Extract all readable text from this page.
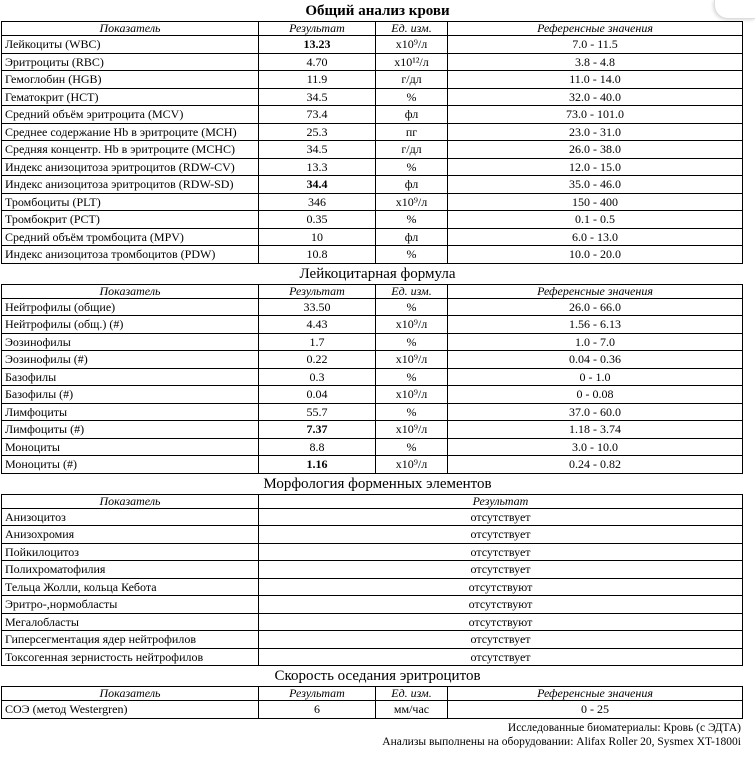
Общий анализ крови
Показатель	Результат	Ед. изм.	Референсные значения
Лейкоциты (WBC)	13.23	x10⁹/л	7.0 - 11.5
Эритроциты (RBC)	4.70	x10¹²/л	3.8 - 4.8
Гемоглобин (HGB)	11.9	г/дл	11.0 - 14.0
Гематокрит (HCT)	34.5	%	32.0 - 40.0
Средний объём эритроцита (MCV)	73.4	фл	73.0 - 101.0
Среднее содержание Hb в эритроците (MCH)	25.3	пг	23.0 - 31.0
Средняя концентр. Hb в эритроците (MCHC)	34.5	г/дл	26.0 - 38.0
Индекс анизоцитоза эритроцитов (RDW-CV)	13.3	%	12.0 - 15.0
Индекс анизоцитоза эритроцитов (RDW-SD)	34.4	фл	35.0 - 46.0
Тромбоциты (PLT)	346	x10⁹/л	150 - 400
Тромбокрит (PCT)	0.35	%	0.1 - 0.5
Средний объём тромбоцита (MPV)	10	фл	6.0 - 13.0
Индекс анизоцитоза тромбоцитов (PDW)	10.8	%	10.0 - 20.0
Лейкоцитарная формула
Показатель	Результат	Ед. изм.	Референсные значения
Нейтрофилы (общие)	33.50	%	26.0 - 66.0
Нейтрофилы (общ.) (#)	4.43	x10⁹/л	1.56 - 6.13
Эозинофилы	1.7	%	1.0 - 7.0
Эозинофилы (#)	0.22	x10⁹/л	0.04 - 0.36
Базофилы	0.3	%	0 - 1.0
Базофилы (#)	0.04	x10⁹/л	0 - 0.08
Лимфоциты	55.7	%	37.0 - 60.0
Лимфоциты (#)	7.37	x10⁹/л	1.18 - 3.74
Моноциты	8.8	%	3.0 - 10.0
Моноциты (#)	1.16	x10⁹/л	0.24 - 0.82
Морфология форменных элементов
Показатель	Результат
Анизоцитоз	отсутствует
Анизохромия	отсутствует
Пойкилоцитоз	отсутствует
Полихроматофилия	отсутствует
Тельца Жолли, кольца Кебота	отсутствуют
Эритро-,нормобласты	отсутствуют
Мегалобласты	отсутствуют
Гиперсегментация ядер нейтрофилов	отсутствует
Токсогенная зернистость нейтрофилов	отсутствует
Скорость оседания эритроцитов
Показатель	Результат	Ед. изм.	Референсные значения
СОЭ (метод Westergren)	6	мм/час	0 - 25
Исследованные биоматериалы: Кровь (с ЭДТА)
Анализы выполнены на оборудовании: Alifax Roller 20, Sysmex XT-1800i
